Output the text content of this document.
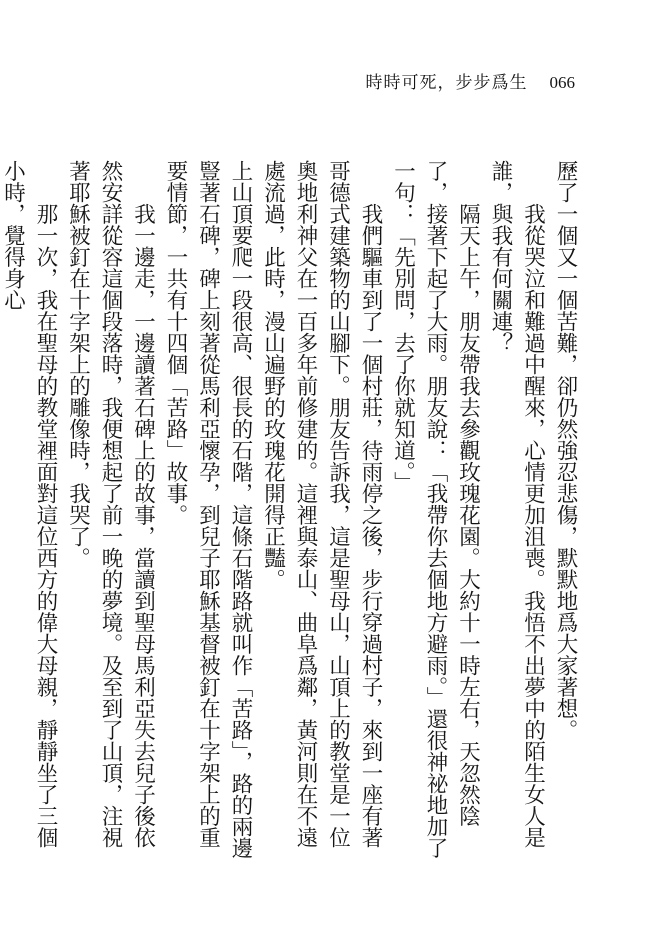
時時可死，步步爲生 066

歷了一個又一個苦難，卻仍然強忍悲傷，默默地爲大家著想。

我從哭泣和難過中醒來，心情更加沮喪。我悟不出夢中的陌生女人是誰，與我有何關連？

隔天上午，朋友帶我去參觀玫瑰花園。大約十一時左右，天忽然陰了，接著下起了大雨。朋友說：「我帶你去個地方避雨。」還很神祕地加了一句：「先別問，去了你就知道。」

我們驅車到了一個村莊，待雨停之後，步行穿過村子，來到一座有著哥德式建築物的山腳下。朋友告訴我，這是聖母山，山頂上的教堂是一位奧地利神父在一百多年前修建的。這裡與泰山、曲阜爲鄰，黃河則在不遠處流過，此時，漫山遍野的玫瑰花開得正豔。

上山頂要爬一段很高、很長的石階，這條石階路就叫作「苦路」，路的兩邊豎著石碑，碑上刻著從馬利亞懷孕，到兒子耶穌基督被釘在十字架上的重要情節，一共有十四個「苦路」故事。

我一邊走，一邊讀著石碑上的故事，當讀到聖母馬利亞失去兒子後依然安詳從容這個段落時，我便想起了前一晚的夢境。及至到了山頂，注視著耶穌被釘在十字架上的雕像時，我哭了。

那一次，我在聖母的教堂裡面對這位西方的偉大母親，靜靜坐了三個小時，覺得身心
